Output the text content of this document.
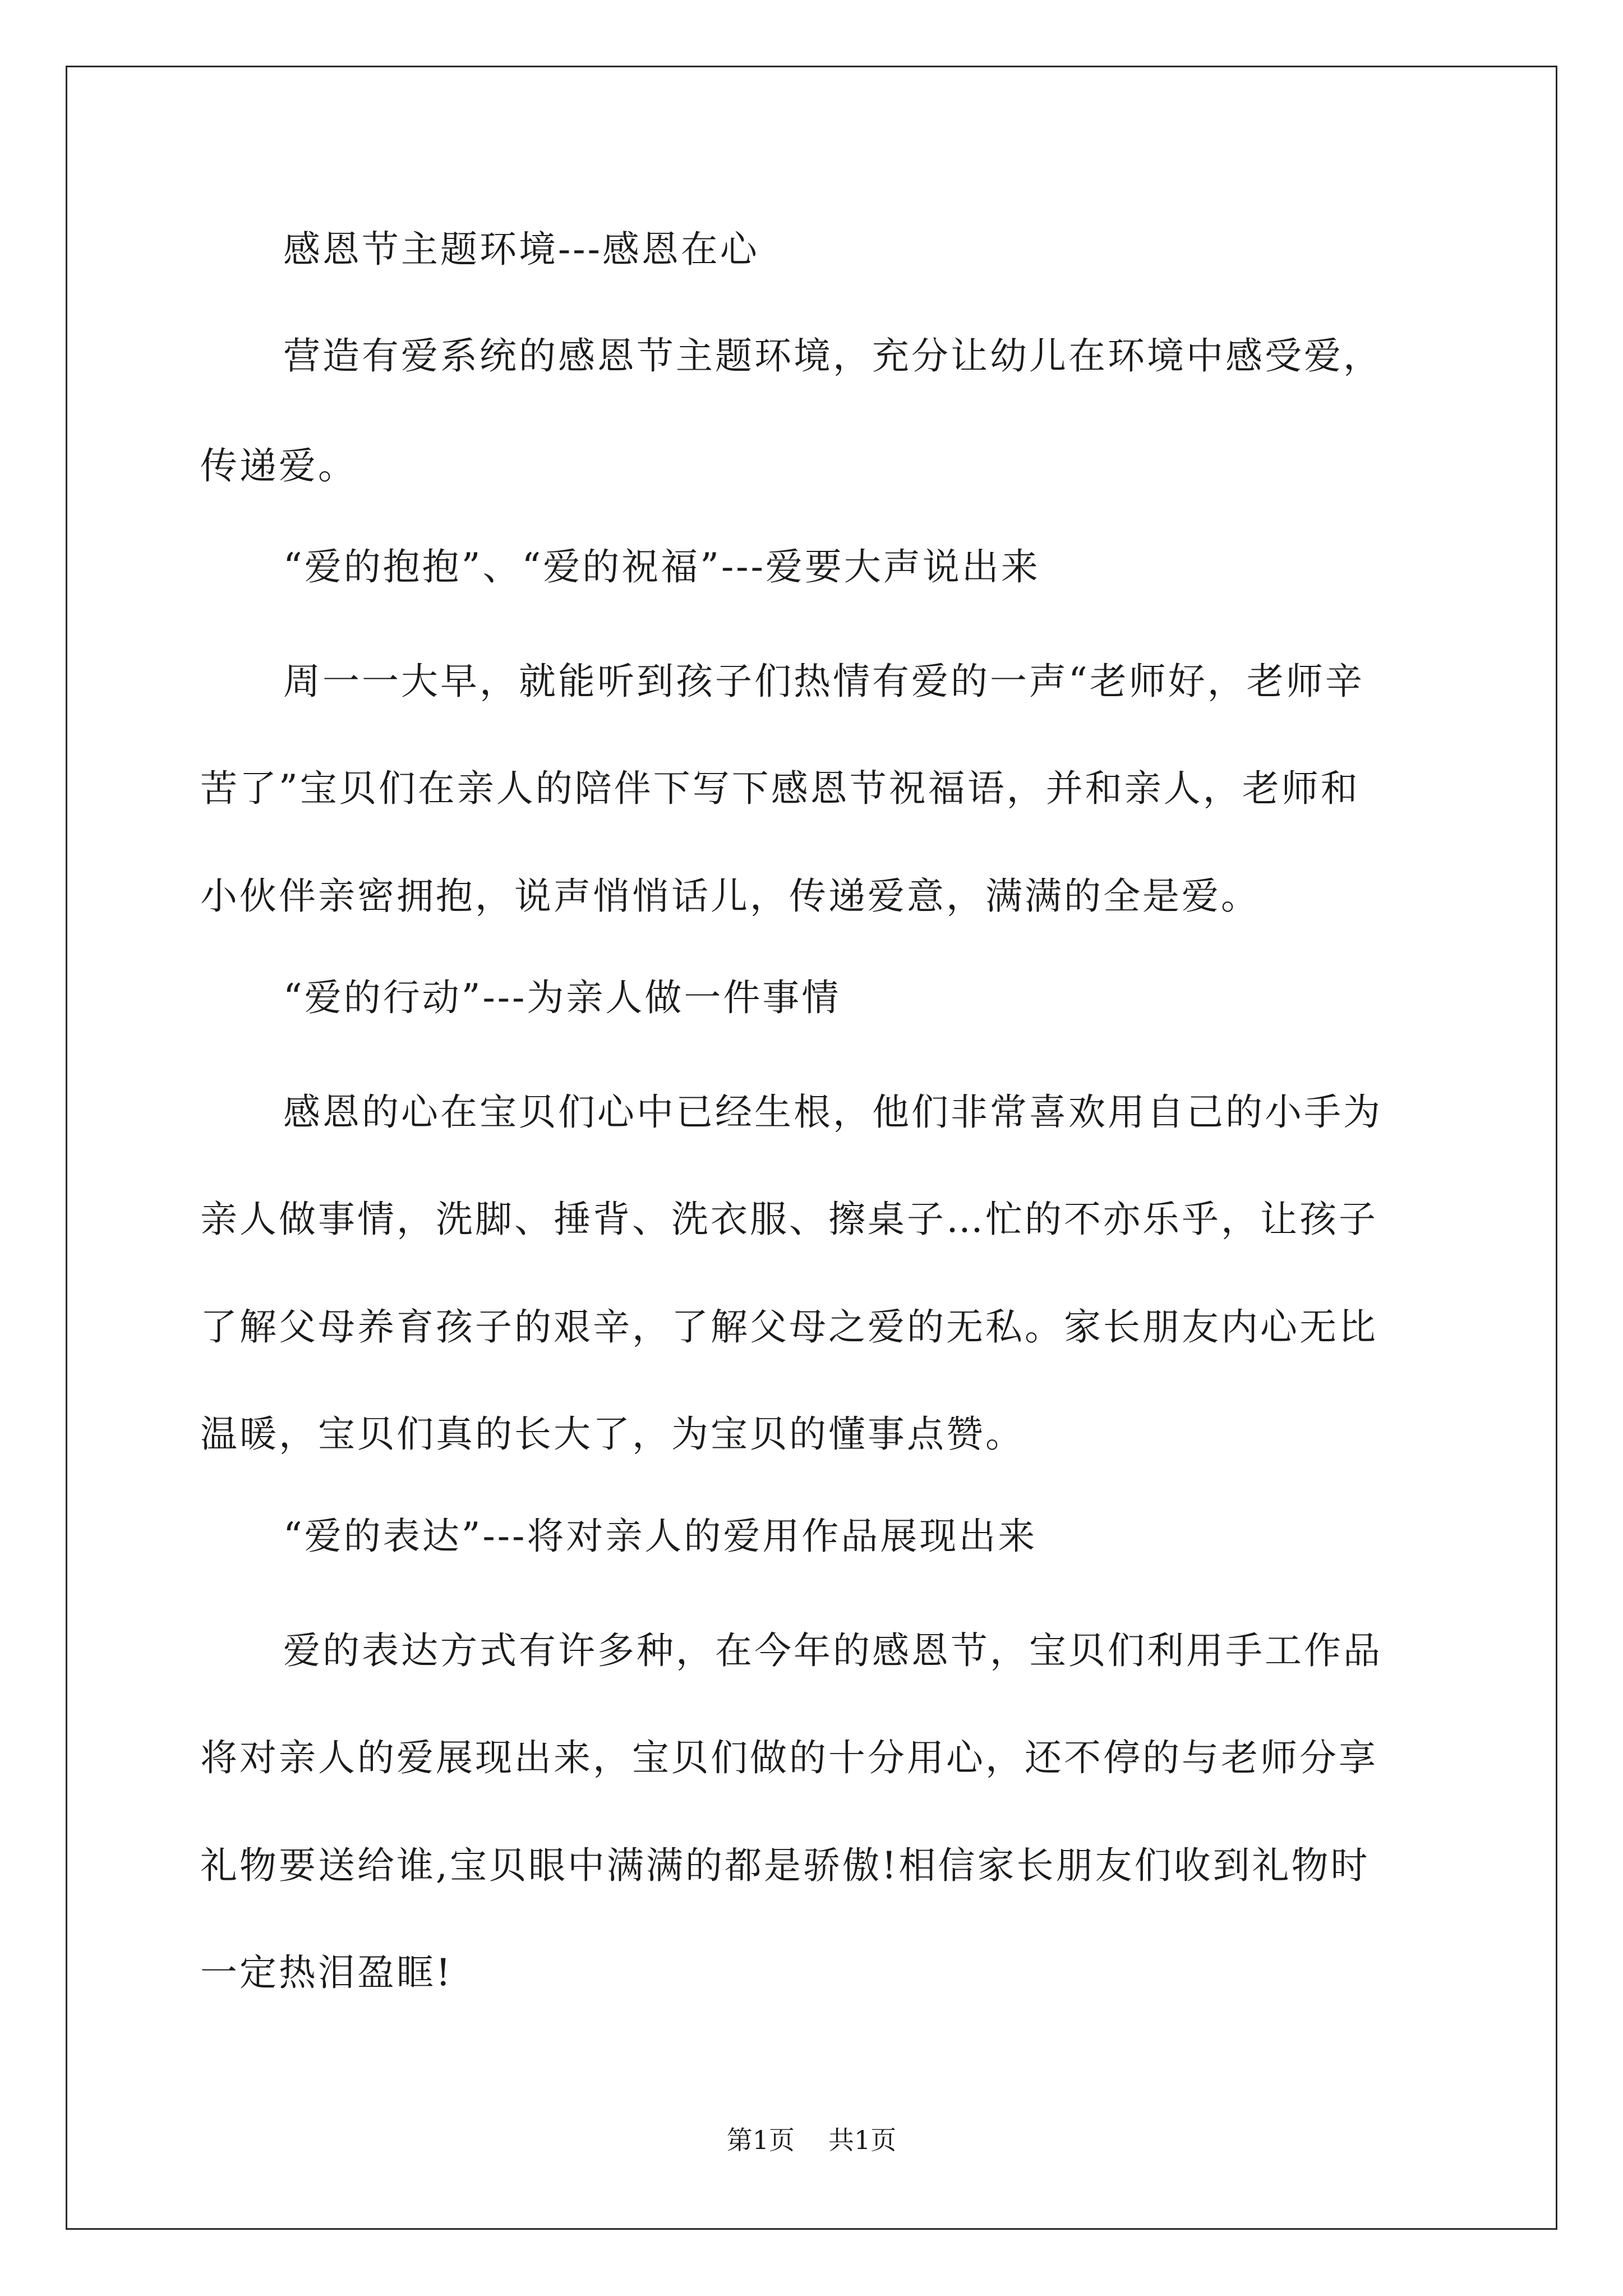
感恩节主题环境---感恩在心

营造有爱系统的感恩节主题环境，充分让幼儿在环境中感受爱，

传递爱。

“爱的抱抱”、“爱的祝福”---爱要大声说出来

周一一大早，就能听到孩子们热情有爱的一声“老师好，老师辛

苦了”宝贝们在亲人的陪伴下写下感恩节祝福语，并和亲人，老师和

小伙伴亲密拥抱，说声悄悄话儿，传递爱意，满满的全是爱。

“爱的行动”---为亲人做一件事情

感恩的心在宝贝们心中已经生根，他们非常喜欢用自己的小手为

亲人做事情，洗脚、捶背、洗衣服、擦桌子…忙的不亦乐乎，让孩子

了解父母养育孩子的艰辛，了解父母之爱的无私。家长朋友内心无比

温暖，宝贝们真的长大了，为宝贝的懂事点赞。

“爱的表达”---将对亲人的爱用作品展现出来

爱的表达方式有许多种，在今年的感恩节，宝贝们利用手工作品

将对亲人的爱展现出来，宝贝们做的十分用心，还不停的与老师分享

礼物要送给谁,宝贝眼中满满的都是骄傲!相信家长朋友们收到礼物时

一定热泪盈眶!

第1页 共1页
